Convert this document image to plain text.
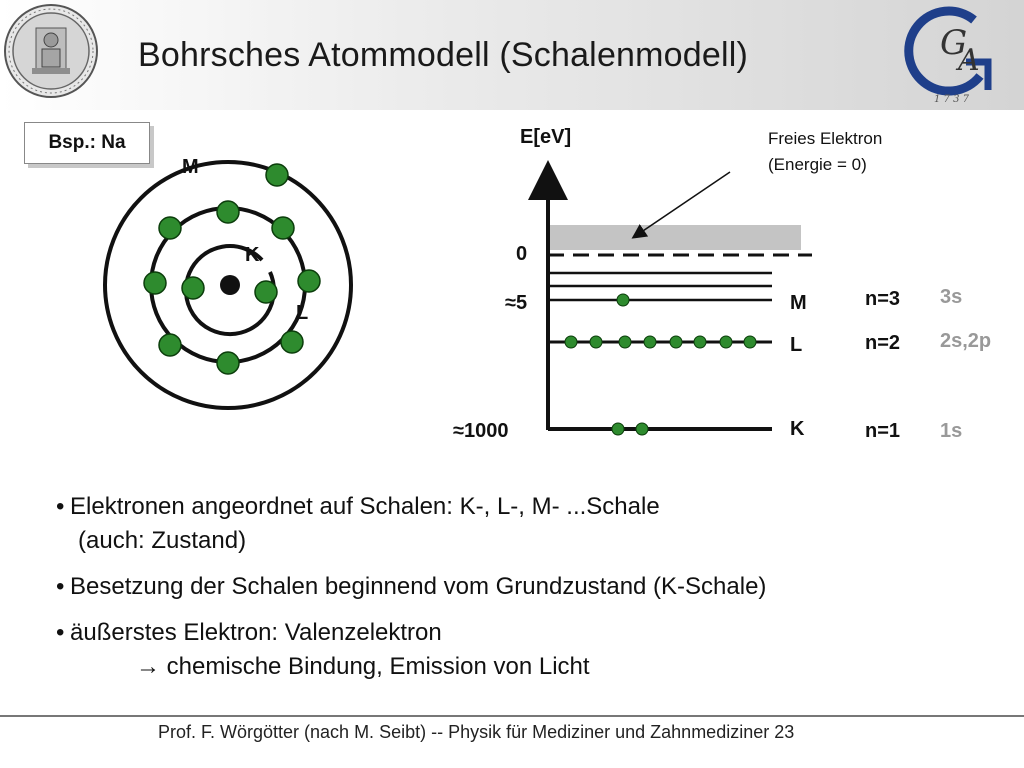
G
A
1 7 3 7
Bohrsches Atommodell (Schalenmodell)
Bsp.: Na
M
K
L
E[eV]	Freies Elektron
(Energie = 0)
0
≈5
≈1000
M
L
K
n=3
n=2
n=1
3s
2s,2p
1s
• Elektronen angeordnet auf Schalen: K-, L-, M- ...Schale
(auch: Zustand)
• Besetzung der Schalen beginnend vom Grundzustand (K-Schale)
• äußerstes Elektron: Valenzelektron
→ chemische Bindung, Emission von Licht
Prof. F. Wörgötter (nach M. Seibt) -- Physik für Mediziner und Zahnmediziner 23
